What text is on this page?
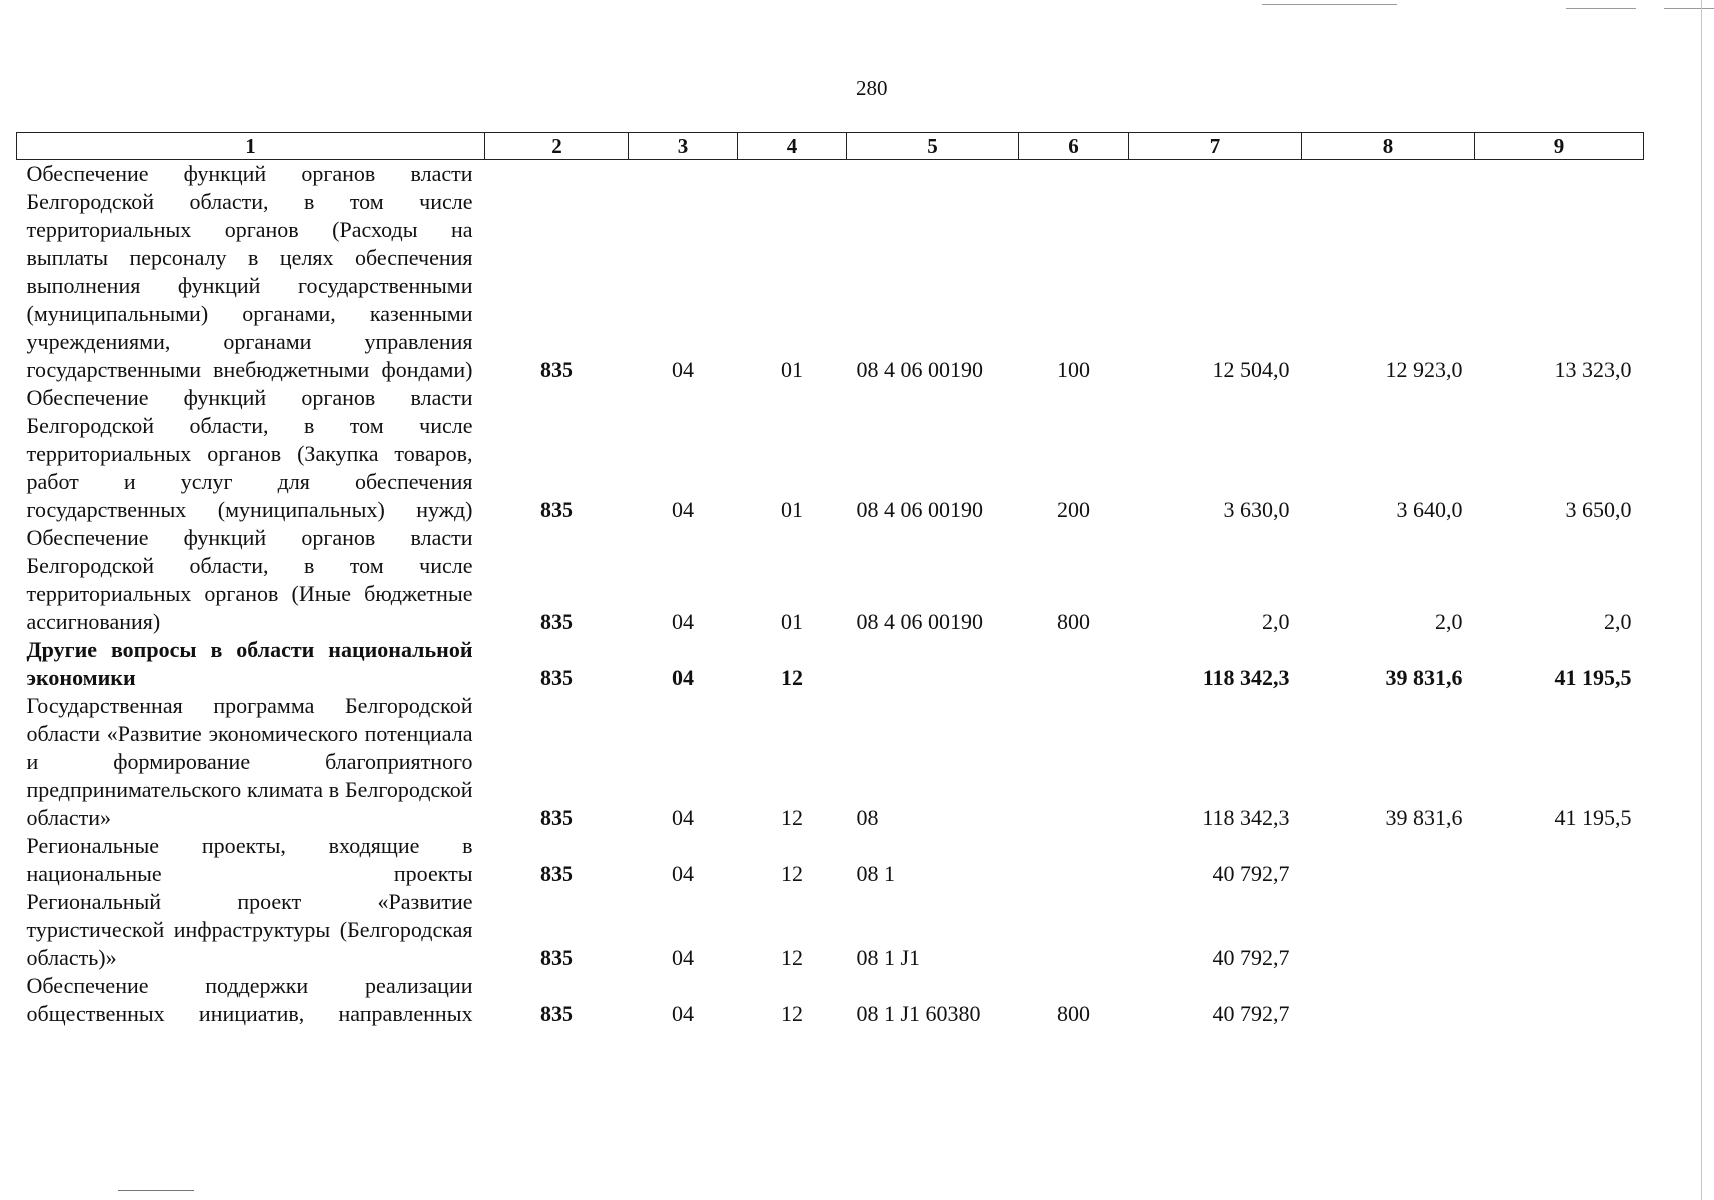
280
1	2	3	4	5	6	7	8	9
Обеспечение функций органов власти Белгородской области, в том числе территориальных органов (Расходы на выплаты персоналу в целях обеспечения выполнения функций государственными (муниципальными) органами, казенными учреждениями, органами управления государственными внебюджетными фондами)	835	04	01	08 4 06 00190	100	12 504,0	12 923,0	13 323,0
Обеспечение функций органов власти Белгородской области, в том числе территориальных органов (Закупка товаров, работ и услуг для обеспечения государственных (муниципальных) нужд)	835	04	01	08 4 06 00190	200	3 630,0	3 640,0	3 650,0
Обеспечение функций органов власти Белгородской области, в том числе территориальных органов (Иные бюджетные ассигнования)	835	04	01	08 4 06 00190	800	2,0	2,0	2,0
Другие вопросы в области национальной экономики	835	04	12			118 342,3	39 831,6	41 195,5
Государственная программа Белгородской области «Развитие экономического потенциала и формирование благоприятного предпринимательского климата в Белгородской области»	835	04	12	08		118 342,3	39 831,6	41 195,5
Региональные проекты, входящие в национальные проекты	835	04	12	08 1		40 792,7		
Региональный проект «Развитие туристической инфраструктуры (Белгородская область)»	835	04	12	08 1 J1		40 792,7		
Обеспечение поддержки реализации общественных инициатив, направленных	835	04	12	08 1 J1 60380	800	40 792,7		
